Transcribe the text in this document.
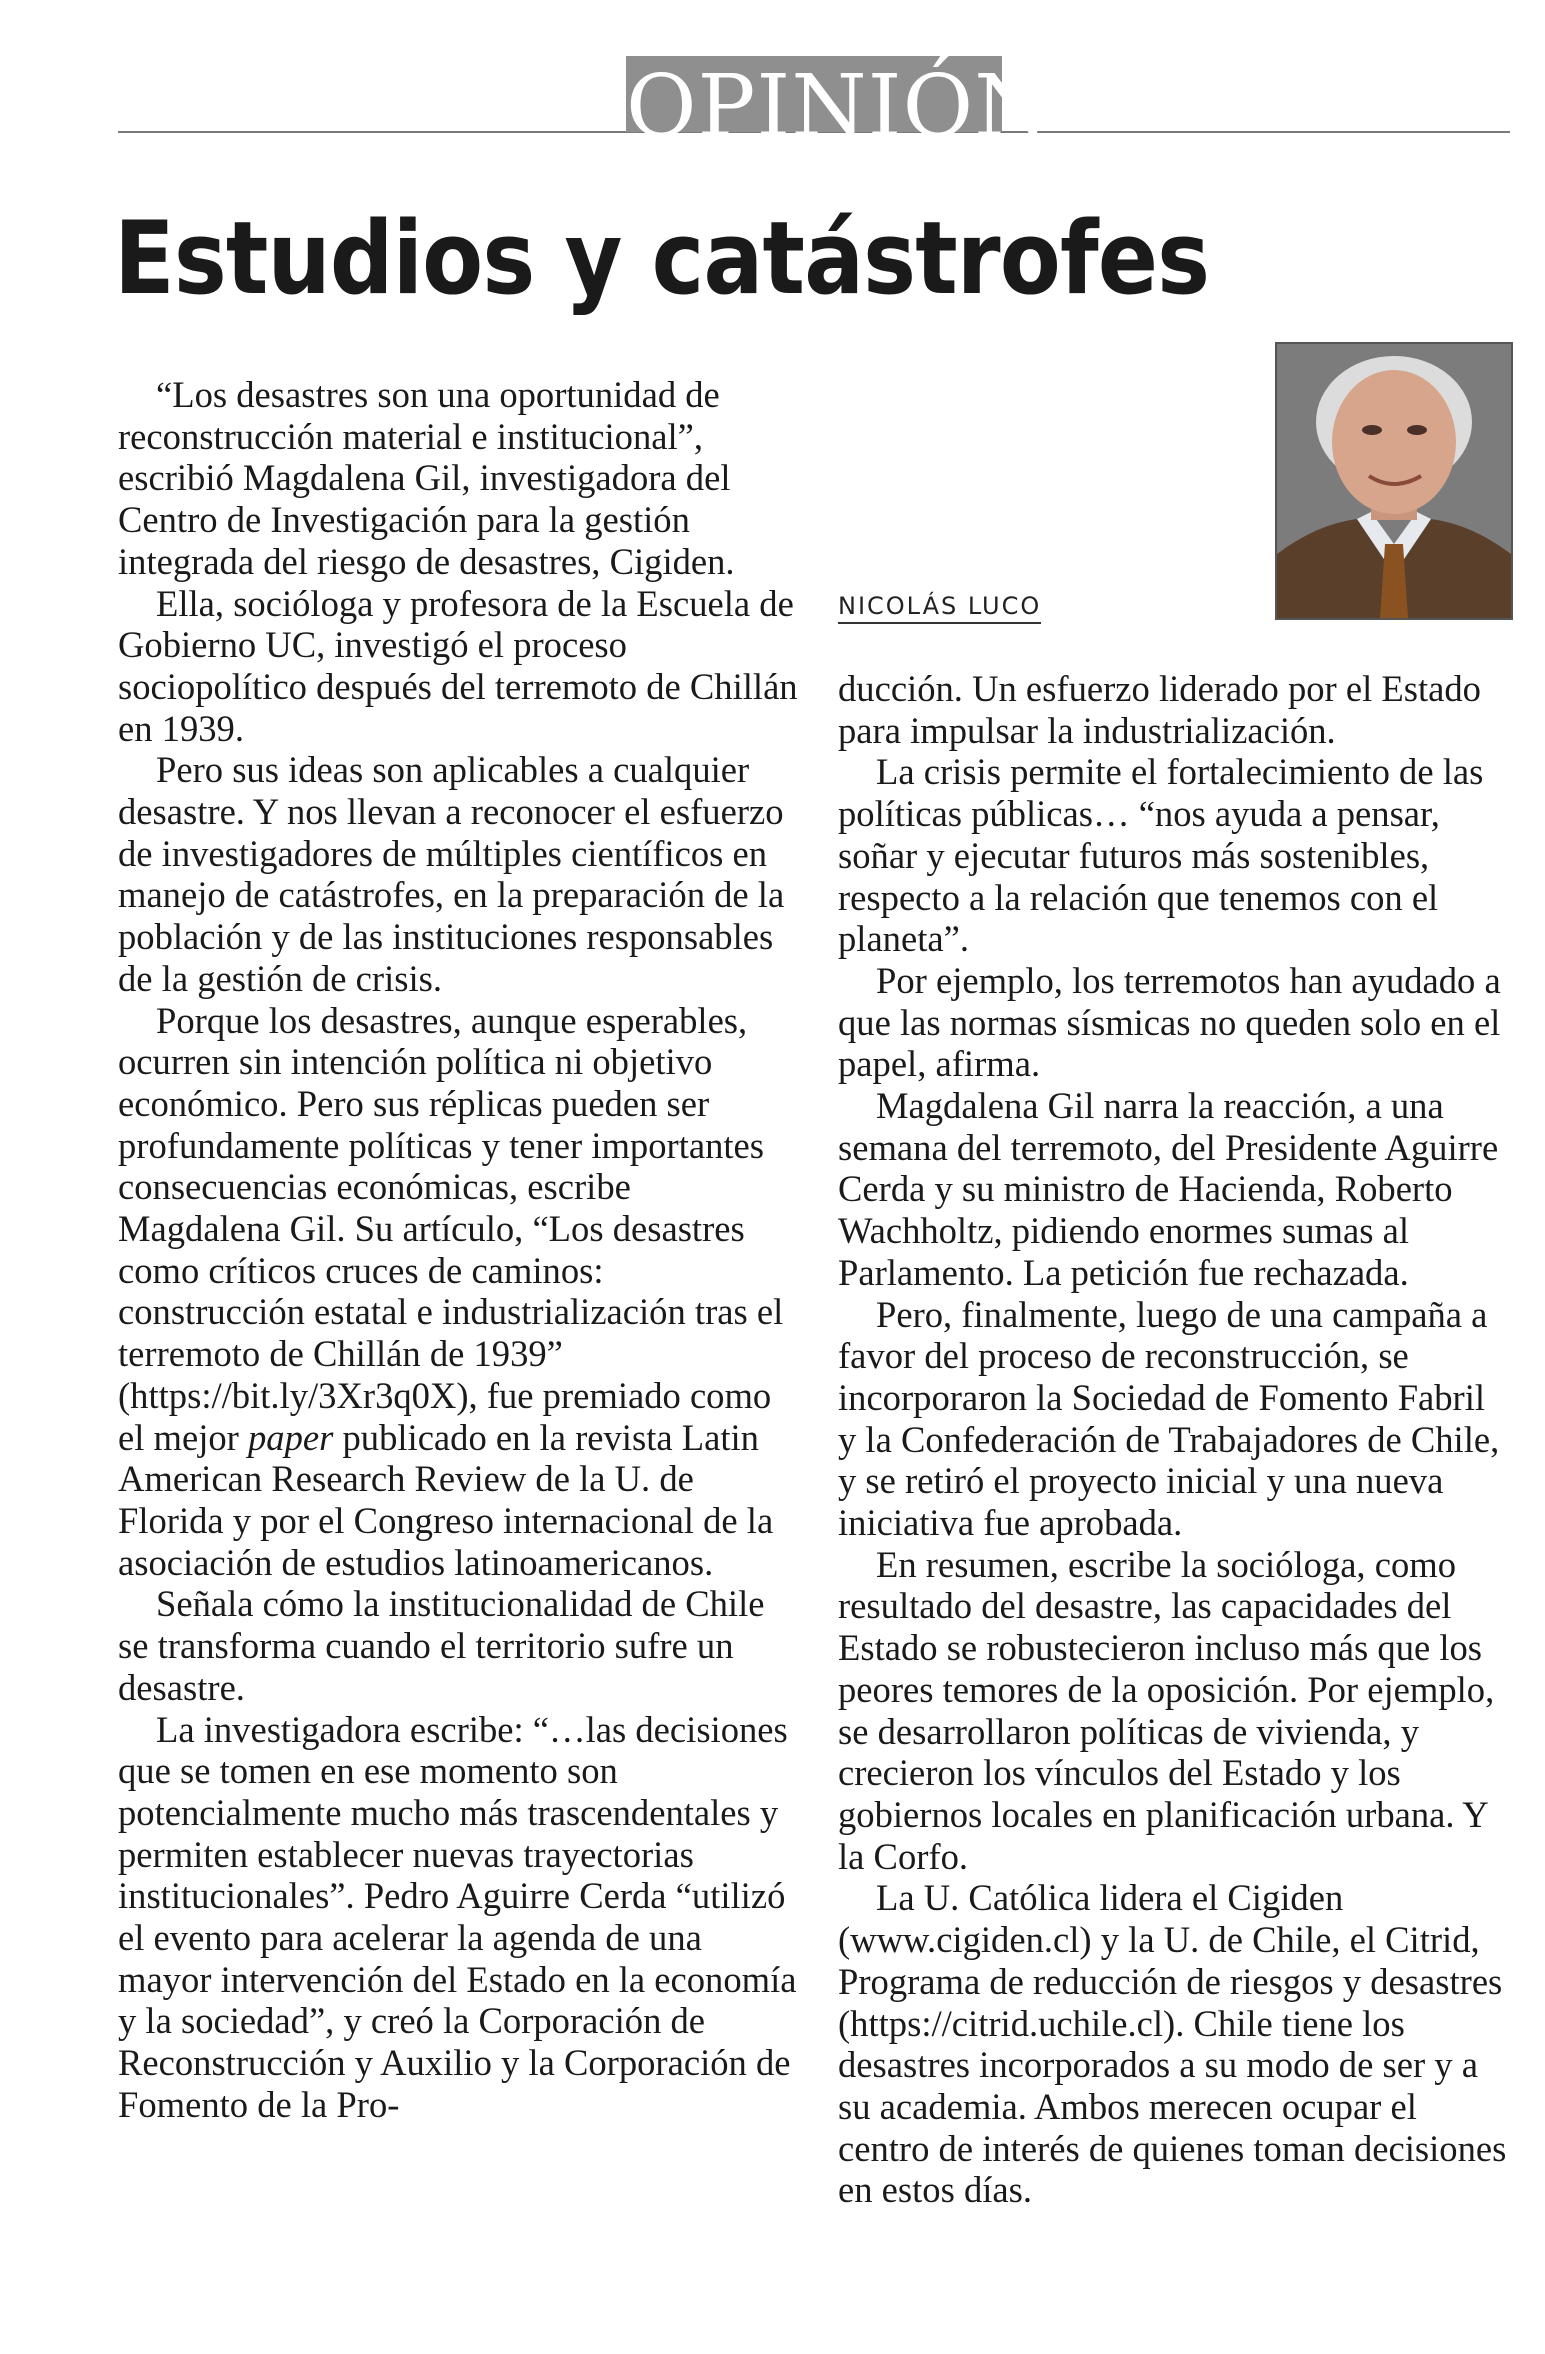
OPINIÓN
Estudios y catástrofes
NICOLÁS LUCO

“Los desastres son una oportunidad de reconstrucción material e institucional”, escribió Magdalena Gil, investigadora del Centro de Investigación para la gestión integrada del riesgo de desastres, Cigiden.

Ella, socióloga y profesora de la Escuela de Gobierno UC, investigó el proceso sociopolítico después del terremoto de Chillán en 1939.

Pero sus ideas son aplicables a cualquier desastre. Y nos llevan a reconocer el esfuerzo de investigadores de múltiples científicos en manejo de catástrofes, en la preparación de la población y de las instituciones responsables de la gestión de crisis.

Porque los desastres, aunque esperables, ocurren sin intención política ni objetivo económico. Pero sus réplicas pueden ser profundamente políticas y tener importantes consecuencias económicas, escribe Magdalena Gil. Su artículo, “Los desastres como críticos cruces de caminos: construcción estatal e industrialización tras el terremoto de Chillán de 1939” (https://bit.ly/3Xr3q0X), fue premiado como el mejor paper publicado en la revista Latin American Research Review de la U. de Florida y por el Congreso internacional de la asociación de estudios latinoamericanos.

Señala cómo la institucionalidad de Chile se transforma cuando el territorio sufre un desastre.

La investigadora escribe: “…las decisiones que se tomen en ese momento son potencialmente mucho más trascendentales y permiten establecer nuevas trayectorias institucionales”. Pedro Aguirre Cerda “utilizó el evento para acelerar la agenda de una mayor intervención del Estado en la economía y la sociedad”, y creó la Corporación de Reconstrucción y Auxilio y la Corporación de Fomento de la Pro-

ducción. Un esfuerzo liderado por el Estado para impulsar la industrialización.

La crisis permite el fortalecimiento de las políticas públicas… “nos ayuda a pensar, soñar y ejecutar futuros más sostenibles, respecto a la relación que tenemos con el planeta”.

Por ejemplo, los terremotos han ayudado a que las normas sísmicas no queden solo en el papel, afirma.

Magdalena Gil narra la reacción, a una semana del terremoto, del Presidente Aguirre Cerda y su ministro de Hacienda, Roberto Wachholtz, pidiendo enormes sumas al Parlamento. La petición fue rechazada.

Pero, finalmente, luego de una campaña a favor del proceso de reconstrucción, se incorporaron la Sociedad de Fomento Fabril y la Confederación de Trabajadores de Chile, y se retiró el proyecto inicial y una nueva iniciativa fue aprobada.

En resumen, escribe la socióloga, como resultado del desastre, las capacidades del Estado se robustecieron incluso más que los peores temores de la oposición. Por ejemplo, se desarrollaron políticas de vivienda, y crecieron los vínculos del Estado y los gobiernos locales en planificación urbana. Y la Corfo.

La U. Católica lidera el Cigiden (www.cigiden.cl) y la U. de Chile, el Citrid, Programa de reducción de riesgos y desastres (https://citrid.uchile.cl). Chile tiene los desastres incorporados a su modo de ser y a su academia. Ambos merecen ocupar el centro de interés de quienes toman decisiones en estos días.
